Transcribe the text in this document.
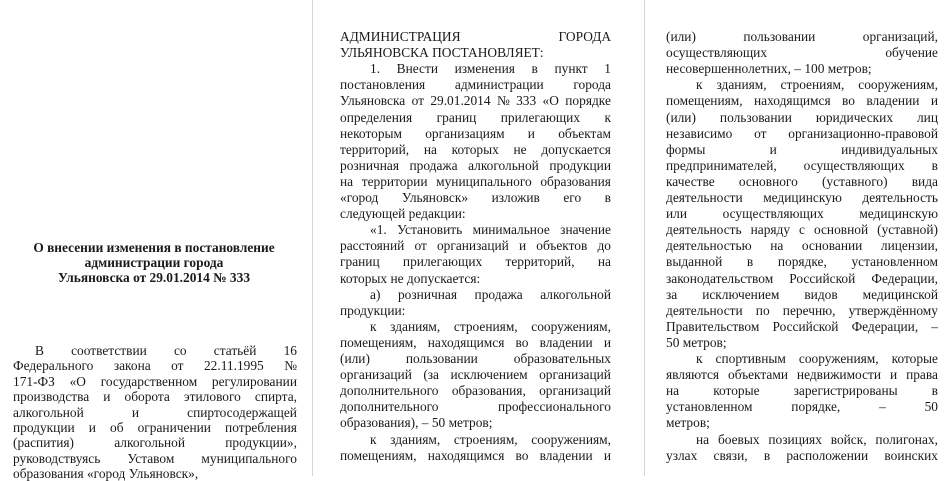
О внесении изменения в постановление
администрации города
Ульяновска от 29.01.2014 № 333
В соответствии со статьёй 16
Федерального закона от 22.11.1995 №
171-ФЗ «О государственном регулировании
производства и оборота этилового спирта,
алкогольной	и	спиртосодержащей
продукции и об ограничении потребления
(распития)	алкогольной	продукции»,
руководствуясь Уставом муниципального
образования «город Ульяновск»,
АДМИНИСТРАЦИЯ	ГОРОДА
УЛЬЯНОВСКА ПОСТАНОВЛЯЕТ:
1. Внести изменения в пункт 1
постановления администрации города
Ульяновска от 29.01.2014 № 333 «О порядке
определения границ прилегающих к
некоторым организациям и объектам
территорий, на которых не допускается
розничная продажа алкогольной продукции
на территории муниципального образования
«город Ульяновск» изложив его в
следующей редакции:
«1. Установить минимальное значение
расстояний от организаций и объектов до
границ прилегающих территорий, на
которых не допускается:
а) розничная продажа алкогольной
продукции:
к зданиям, строениям, сооружениям,
помещениям, находящимся во владении и
(или)	пользовании	образовательных
организаций (за исключением организаций
дополнительного образования, организаций
дополнительного	профессионального
образования), – 50 метров;
к зданиям, строениям, сооружениям,
помещениям, находящимся во владении и
(или)	пользовании	организаций,
осуществляющих	обучение
несовершеннолетних, – 100 метров;
к зданиям, строениям, сооружениям,
помещениям, находящимся во владении и
(или) пользовании юридических лиц
независимо от организационно-правовой
формы	и	индивидуальных
предпринимателей, осуществляющих в
качестве основного (уставного) вида
деятельности медицинскую деятельность
или	осуществляющих	медицинскую
деятельность наряду с основной (уставной)
деятельностью на основании лицензии,
выданной в порядке, установленном
законодательством Российской Федерации,
за исключением видов медицинской
деятельности по перечню, утверждённому
Правительством Российской Федерации, –
50 метров;
к спортивным сооружениям, которые
являются объектами недвижимости и права
на	которые	зарегистрированы	в
установленном	порядке,	–	50
метров;
на боевых позициях войск, полигонах,
узлах связи, в расположении воинских
